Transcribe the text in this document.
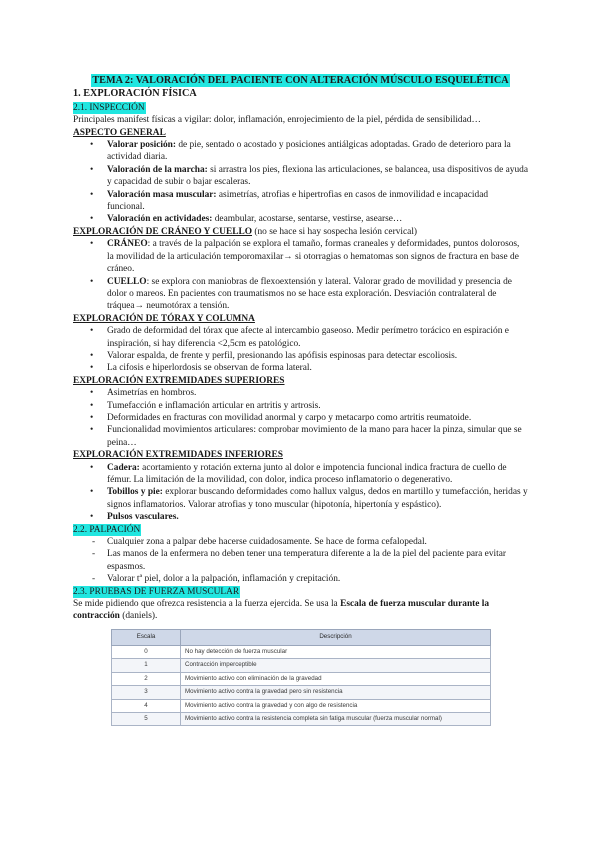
TEMA 2: VALORACIÓN DEL PACIENTE CON ALTERACIÓN MÚSCULO ESQUELÉTICA
1. EXPLORACIÓN FÍSICA
2.1. INSPECCIÓN

Principales manifest físicas a vigilar: dolor, inflamación, enrojecimiento de la piel, pérdida de sensibilidad…

ASPECTO GENERAL
• Valorar posición: de pie, sentado o acostado y posiciones antiálgicas adoptadas. Grado de deterioro para la actividad diaria.
• Valoración de la marcha: si arrastra los pies, flexiona las articulaciones, se balancea, usa dispositivos de ayuda y capacidad de subir o bajar escaleras.
• Valoración masa muscular: asimetrías, atrofias e hipertrofias en casos de inmovilidad e incapacidad funcional.
• Valoración en actividades: deambular, acostarse, sentarse, vestirse, asearse…
EXPLORACIÓN DE CRÁNEO Y CUELLO (no se hace si hay sospecha lesión cervical)
• CRÁNEO: a través de la palpación se explora el tamaño, formas craneales y deformidades, puntos dolorosos, la movilidad de la articulación temporomaxilar→ si otorragias o hematomas son signos de fractura en base de cráneo.
• CUELLO: se explora con maniobras de flexoextensión y lateral. Valorar grado de movilidad y presencia de dolor o mareos. En pacientes con traumatismos no se hace esta exploración. Desviación contralateral de tráquea→ neumotórax a tensión.
EXPLORACIÓN DE TÓRAX Y COLUMNA
• Grado de deformidad del tórax que afecte al intercambio gaseoso. Medir perímetro torácico en espiración e inspiración, si hay diferencia <2,5cm es patológico.
• Valorar espalda, de frente y perfil, presionando las apófisis espinosas para detectar escoliosis.
• La cifosis e hiperlordosis se observan de forma lateral.
EXPLORACIÓN EXTREMIDADES SUPERIORES
• Asimetrías en hombros.
• Tumefacción e inflamación articular en artritis y artrosis.
• Deformidades en fracturas con movilidad anormal y carpo y metacarpo como artritis reumatoide.
• Funcionalidad movimientos articulares: comprobar movimiento de la mano para hacer la pinza, simular que se peina…
EXPLORACIÓN EXTREMIDADES INFERIORES
• Cadera: acortamiento y rotación externa junto al dolor e impotencia funcional indica fractura de cuello de fémur. La limitación de la movilidad, con dolor, indica proceso inflamatorio o degenerativo.
• Tobillos y pie: explorar buscando deformidades como hallux valgus, dedos en martillo y tumefacción, heridas y signos inflamatorios. Valorar atrofias y tono muscular (hipotonía, hipertonía y espástico).
• Pulsos vasculares.
2.2. PALPACIÓN
- Cualquier zona a palpar debe hacerse cuidadosamente. Se hace de forma cefalopedal.
- Las manos de la enfermera no deben tener una temperatura diferente a la de la piel del paciente para evitar espasmos.
- Valorar tª piel, dolor a la palpación, inflamación y crepitación.
2.3. PRUEBAS DE FUERZA MUSCULAR

Se mide pidiendo que ofrezca resistencia a la fuerza ejercida. Se usa la Escala de fuerza muscular durante la contracción (daniels).

Escala	Descripción
0	No hay detección de fuerza muscular
1	Contracción imperceptible
2	Movimiento activo con eliminación de la gravedad
3	Movimiento activo contra la gravedad pero sin resistencia
4	Movimiento activo contra la gravedad y con algo de resistencia
5	Movimiento activo contra la resistencia completa sin fatiga muscular (fuerza muscular normal)
